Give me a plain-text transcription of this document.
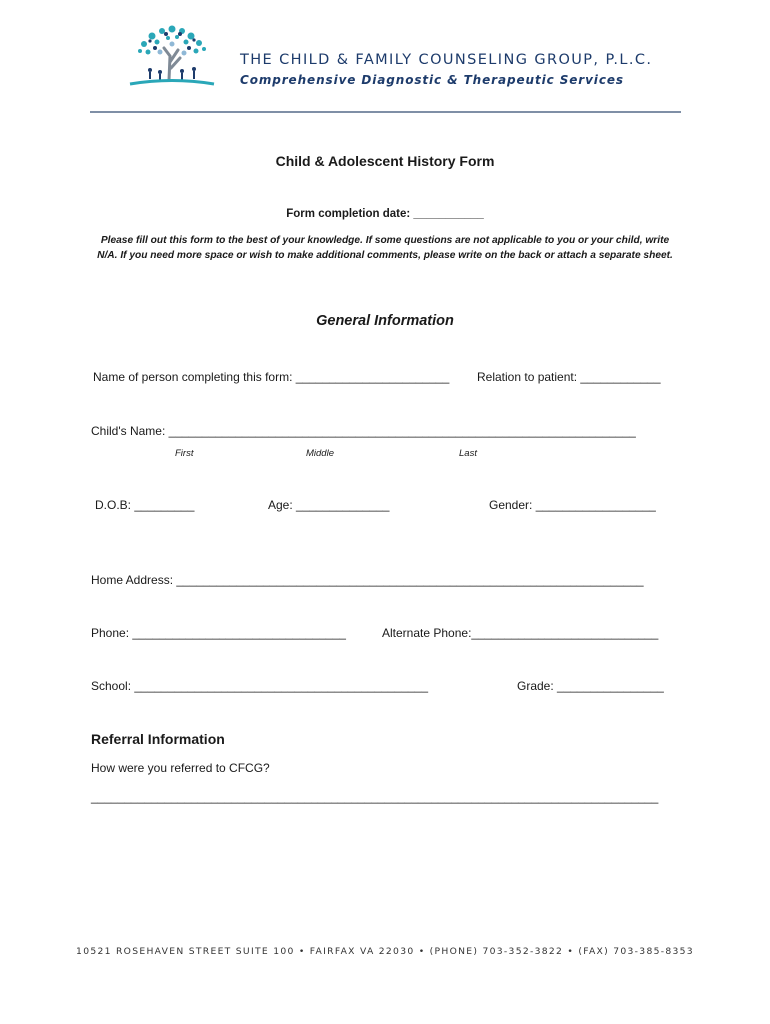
THE CHILD & FAMILY COUNSELING GROUP, P.L.C.
Comprehensive Diagnostic & Therapeutic Services
Child & Adolescent History Form
Form completion date: ___________
Please fill out this form to the best of your knowledge. If some questions are not applicable to you or your child, write N/A. If you need more space or wish to make additional comments, please write on the back or attach a separate sheet.
General Information
Name of person completing this form: _______________________ Relation to patient: ____________
Child's Name: ______________________________________________________________________
First	Middle	Last
D.O.B: _________	Age: ______________	Gender: __________________
Home Address: ______________________________________________________________________
Phone: ________________________________	Alternate Phone:____________________________
School: ____________________________________________	Grade: ________________
Referral Information
How were you referred to CFCG?
_____________________________________________________________________________________
10521 ROSEHAVEN STREET SUITE 100 • FAIRFAX VA 22030 • (PHONE) 703-352-3822 • (FAX) 703-385-8353
